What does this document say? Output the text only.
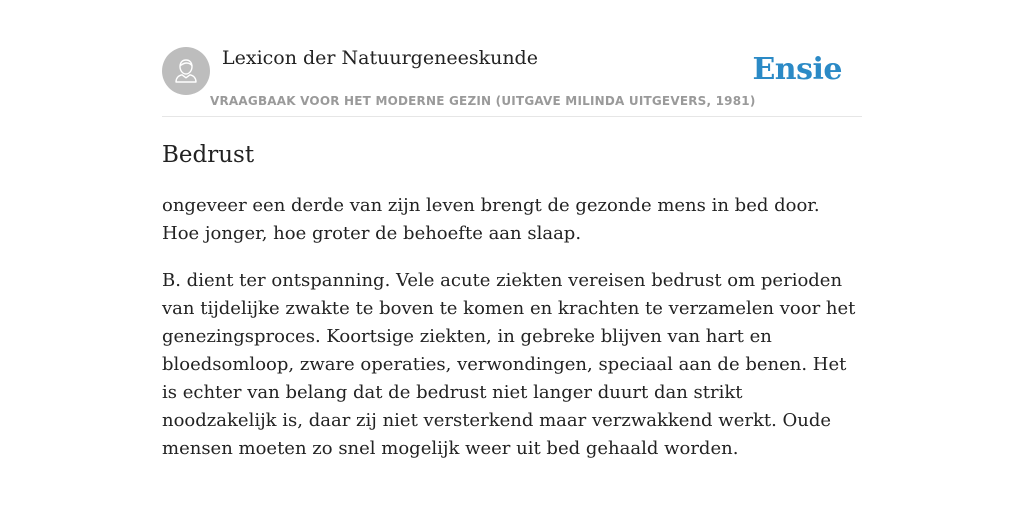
Lexicon der Natuurgeneeskunde
VRAAGBAAK VOOR HET MODERNE GEZIN (UITGAVE MILINDA UITGEVERS, 1981)
Ensie
Bedrust

ongeveer een derde van zijn leven brengt de gezonde mens in bed door. Hoe jonger, hoe groter de behoefte aan slaap.

B. dient ter ontspanning. Vele acute ziekten vereisen bedrust om perioden van tijdelijke zwakte te boven te komen en krachten te verzamelen voor het genezingsproces. Koortsige ziekten, in gebreke blijven van hart en bloedsomloop, zware operaties, verwondingen, speciaal aan de benen. Het is echter van belang dat de bedrust niet langer duurt dan strikt noodzakelijk is, daar zij niet versterkend maar verzwakkend werkt. Oude mensen moeten zo snel mogelijk weer uit bed gehaald worden.
